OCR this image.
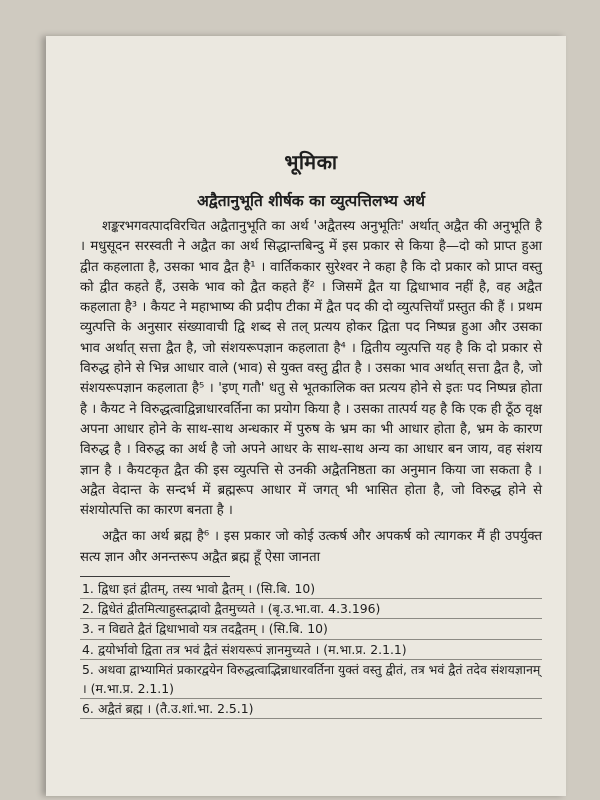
भूमिका
अद्वैतानुभूति शीर्षक का व्युत्पत्तिलभ्य अर्थ

शङ्करभगवत्पादविरचित अद्वैतानुभूति का अर्थ 'अद्वैतस्य अनुभूतिः' अर्थात् अद्वैत की अनुभूति है । मधुसूदन सरस्वती ने अद्वैत का अर्थ सिद्धान्तबिन्दु में इस प्रकार से किया है—दो को प्राप्त हुआ द्वीत कहलाता है, उसका भाव द्वैत है¹ । वार्तिककार सुरेश्वर ने कहा है कि दो प्रकार को प्राप्त वस्तु को द्वीत कहते हैं, उसके भाव को द्वैत कहते हैं² । जिसमें द्वैत या द्विधाभाव नहीं है, वह अद्वैत कहलाता है³ । कैयट ने महाभाष्य की प्रदीप टीका में द्वैत पद की दो व्युत्पत्तियाँ प्रस्तुत की हैं । प्रथम व्युत्पत्ति के अनुसार संख्यावाची द्वि शब्द से तल् प्रत्यय होकर द्विता पद निष्पन्न हुआ और उसका भाव अर्थात् सत्ता द्वैत है, जो संशयरूपज्ञान कहलाता है⁴ । द्वितीय व्युत्पत्ति यह है कि दो प्रकार से विरुद्ध होने से भिन्न आधार वाले (भाव) से युक्त वस्तु द्वीत है । उसका भाव अर्थात् सत्ता द्वैत है, जो संशयरूपज्ञान कहलाता है⁵ । 'इण् गतौ' धतु से भूतकालिक क्त प्रत्यय होने से इतः पद निष्पन्न होता है । कैयट ने विरुद्धत्वाद्विन्नाधारवर्तिना का प्रयोग किया है । उसका तात्पर्य यह है कि एक ही ठूँठ वृक्ष अपना आधार होने के साथ-साथ अन्धकार में पुरुष के भ्रम का भी आधार होता है, भ्रम के कारण विरुद्ध है । विरुद्ध का अर्थ है जो अपने आधर के साथ-साथ अन्य का आधार बन जाय, वह संशय ज्ञान है । कैयटकृत द्वैत की इस व्युत्पत्ति से उनकी अद्वैतनिष्ठता का अनुमान किया जा सकता है । अद्वैत वेदान्त के सन्दर्भ में ब्रह्मरूप आधार में जगत् भी भासित होता है, जो विरुद्ध होने से संशयोत्पत्ति का कारण बनता है ।

अद्वैत का अर्थ ब्रह्म है⁶ । इस प्रकार जो कोई उत्कर्ष और अपकर्ष को त्यागकर मैं ही उपर्युक्त सत्य ज्ञान और अनन्तरूप अद्वैत ब्रह्म हूँ ऐसा जानता

1. द्विधा इतं द्वीतम्, तस्य भावो द्वैतम् । (सि.बि. 10)
2. द्विधेतं द्वीतमित्याहुस्तद्भावो द्वैतमुच्यते । (बृ.उ.भा.वा. 4.3.196)
3. न विद्यते द्वैतं द्विधाभावो यत्र तदद्वैतम् । (सि.बि. 10)
4. द्वयोर्भावो द्विता तत्र भवं द्वैतं संशयरूपं ज्ञानमुच्यते । (म.भा.प्र. 2.1.1)
5. अथवा द्वाभ्यामितं प्रकारद्वयेन विरुद्धत्वाद्भिन्नाधारवर्तिना युक्तं वस्तु द्वीतं, तत्र भवं द्वैतं तदेव संशयज्ञानम् । (म.भा.प्र. 2.1.1)
6. अद्वैतं ब्रह्म । (तै.उ.शां.भा. 2.5.1)
